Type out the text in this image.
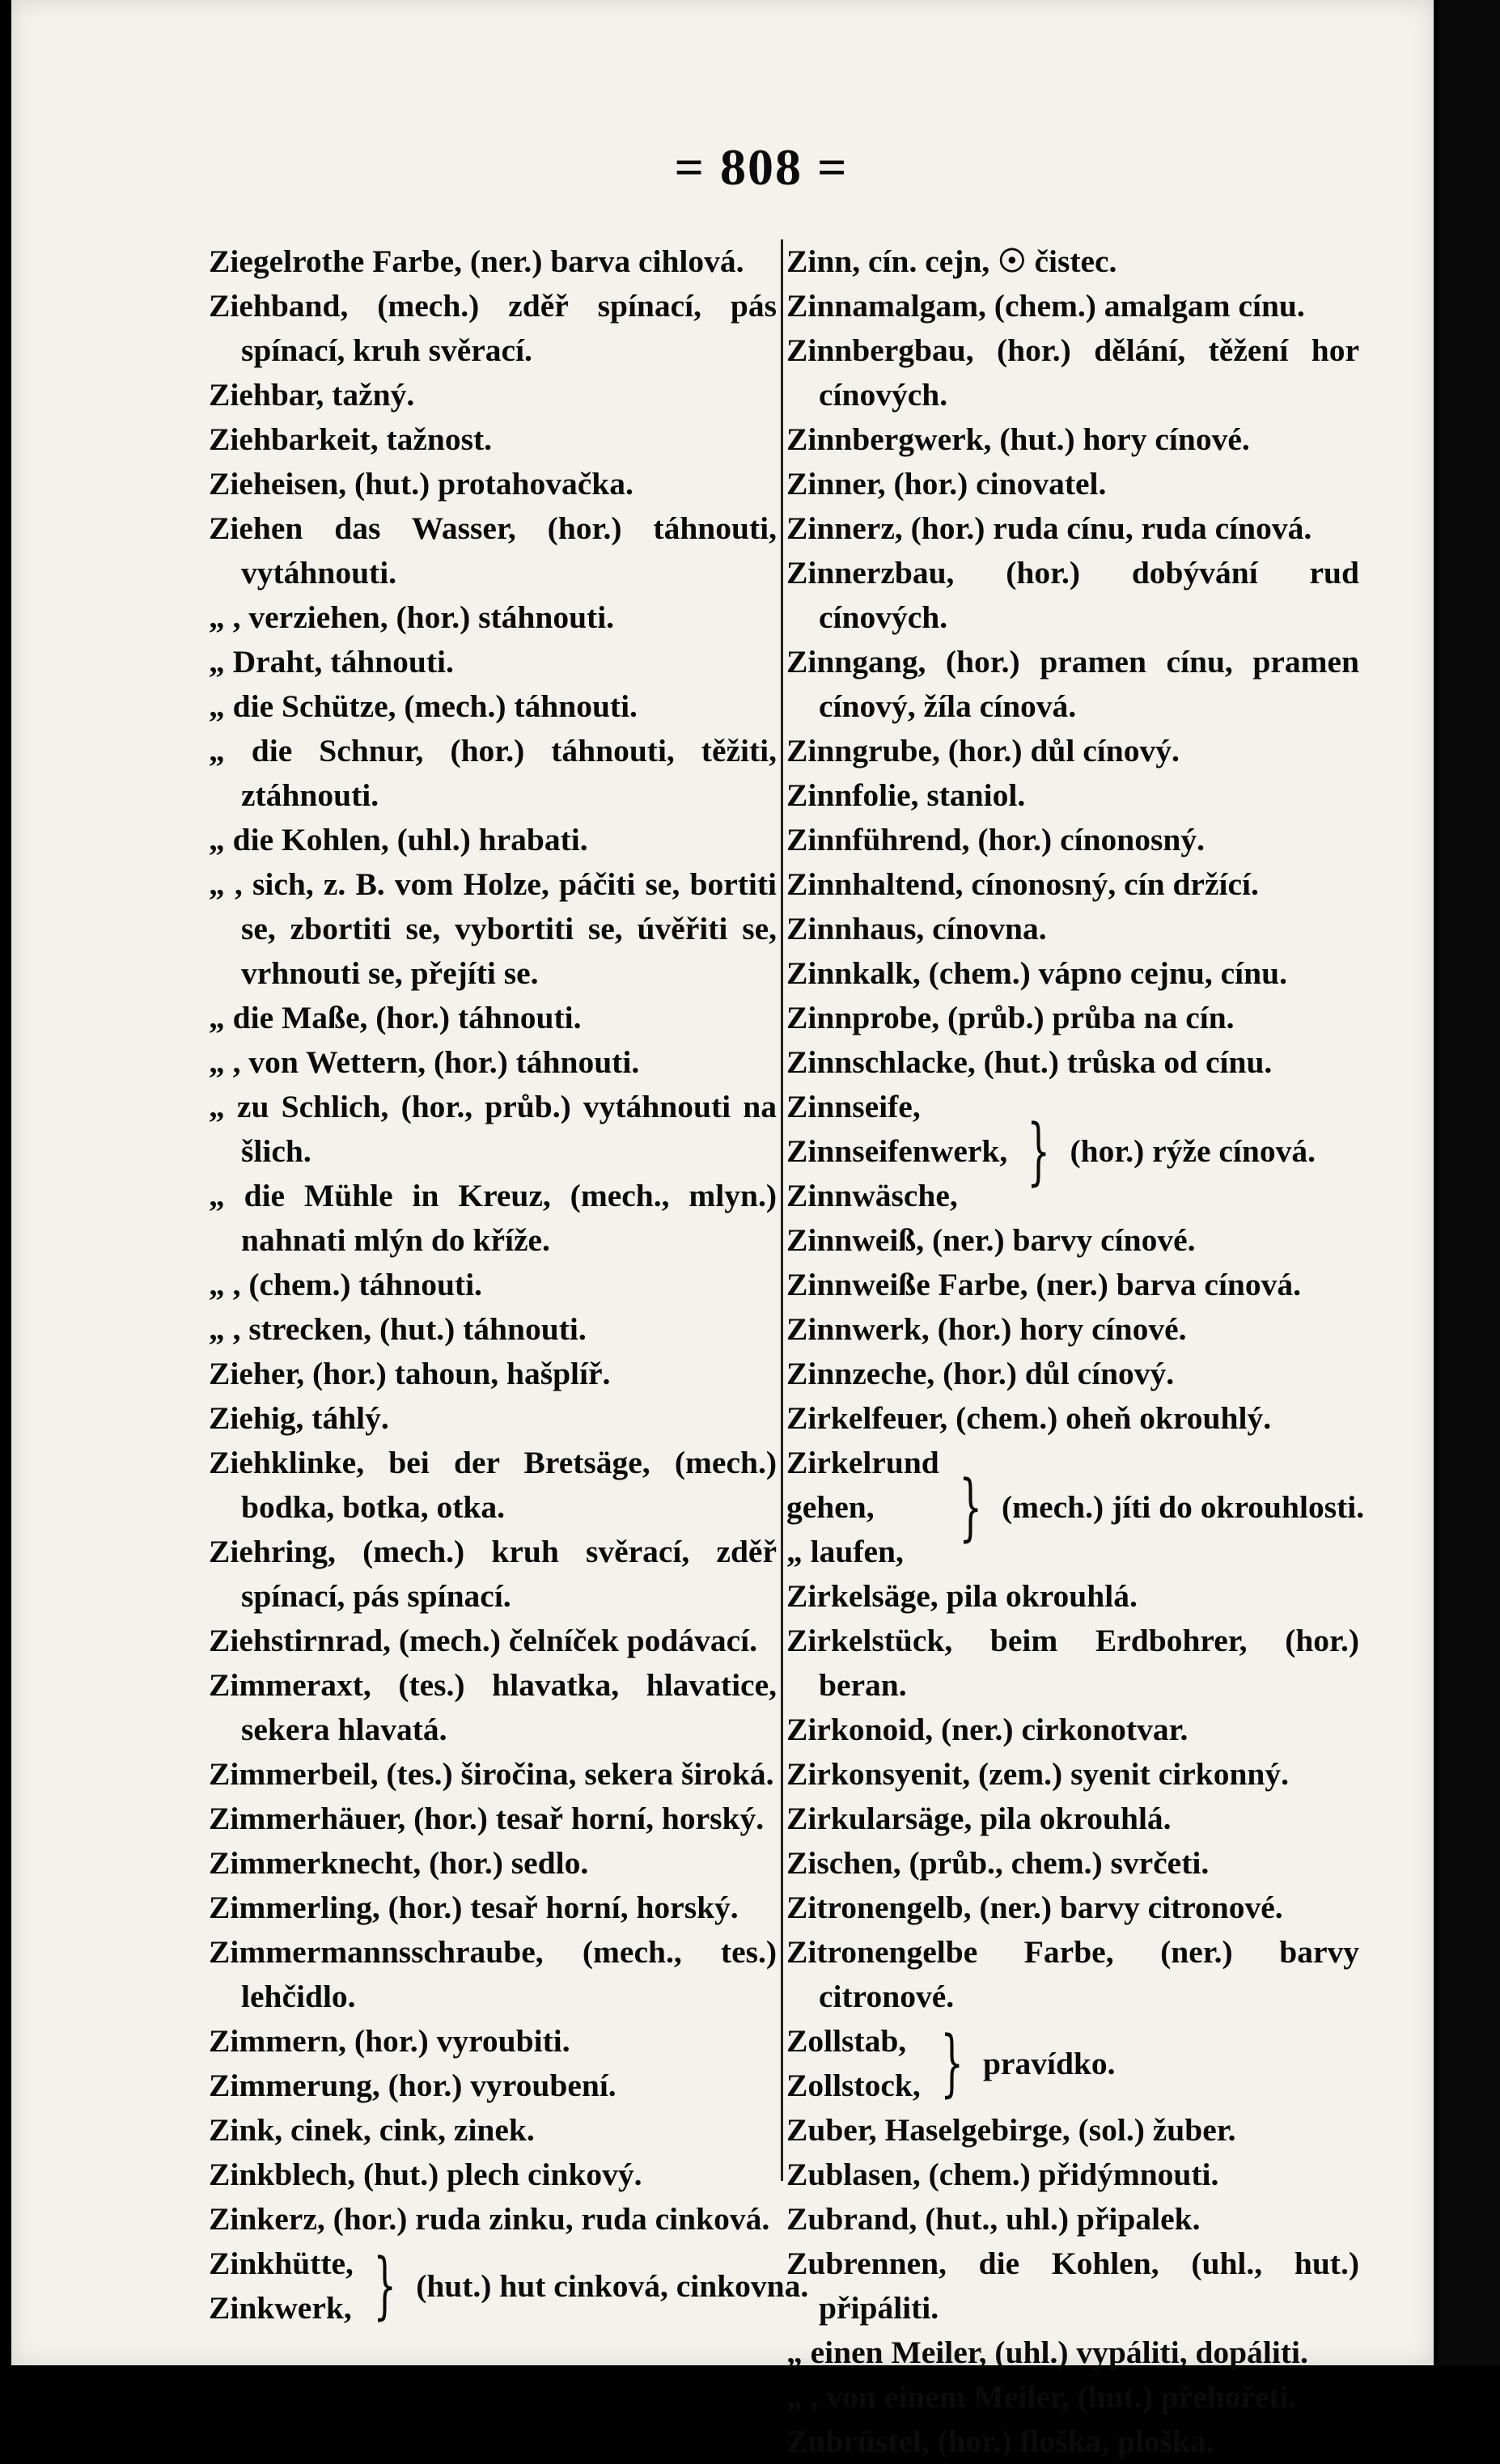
= 808 =

Ziegelrothe Farbe, (ner.) barva cihlová.

Ziehband, (mech.) zděř spínací, pás spínací, kruh svěrací.

Ziehbar, tažný.

Ziehbarkeit, tažnost.

Zieheisen, (hut.) protahovačka.

Ziehen das Wasser, (hor.) táhnouti, vytáhnouti.

„ , verziehen, (hor.) stáhnouti.

„ Draht, táhnouti.

„ die Schütze, (mech.) táhnouti.

„ die Schnur, (hor.) táhnouti, těžiti, ztáhnouti.

„ die Kohlen, (uhl.) hrabati.

„ , sich, z. B. vom Holze, páčiti se, bortiti se, zbortiti se, vybortiti se, úvěřiti se, vrhnouti se, přejíti se.

„ die Maße, (hor.) táhnouti.

„ , von Wettern, (hor.) táhnouti.

„ zu Schlich, (hor., průb.) vytáhnouti na šlich.

„ die Mühle in Kreuz, (mech., mlyn.) nahnati mlýn do kříže.

„ , (chem.) táhnouti.

„ , strecken, (hut.) táhnouti.

Zieher, (hor.) tahoun, hašplíř.

Ziehig, táhlý.

Ziehklinke, bei der Bretsäge, (mech.) bodka, botka, otka.

Ziehring, (mech.) kruh svěrací, zděř spínací, pás spínací.

Ziehstirnrad, (mech.) čelníček podávací.

Zimmeraxt, (tes.) hlavatka, hlavatice, sekera hlavatá.

Zimmerbeil, (tes.) širočina, sekera široká.

Zimmerhäuer, (hor.) tesař horní, horský.

Zimmerknecht, (hor.) sedlo.

Zimmerling, (hor.) tesař horní, horský.

Zimmermannsschraube, (mech., tes.) lehčidlo.

Zimmern, (hor.) vyroubiti.

Zimmerung, (hor.) vyroubení.

Zink, cinek, cink, zinek.

Zinkblech, (hut.) plech cinkový.

Zinkerz, (hor.) ruda zinku, ruda cinková.

Zinkhütte,

Zinkwerk, } (hut.) hut cinková, cinkovna.

Zinn, cín. cejn, ☉ čistec.

Zinnamalgam, (chem.) amalgam cínu.

Zinnbergbau, (hor.) dělání, těžení hor cínových.

Zinnbergwerk, (hut.) hory cínové.

Zinner, (hor.) cinovatel.

Zinnerz, (hor.) ruda cínu, ruda cínová.

Zinnerzbau, (hor.) dobývání rud cínových.

Zinngang, (hor.) pramen cínu, pramen cínový, žíla cínová.

Zinngrube, (hor.) důl cínový.

Zinnfolie, staniol.

Zinnführend, (hor.) cínonosný.

Zinnhaltend, cínonosný, cín držící.

Zinnhaus, cínovna.

Zinnkalk, (chem.) vápno cejnu, cínu.

Zinnprobe, (průb.) průba na cín.

Zinnschlacke, (hut.) trůska od cínu.

Zinnseife,

Zinnseifenwerk,

Zinnwäsche,

} (hor.) rýže cínová.

Zinnweiß, (ner.) barvy cínové.

Zinnweiße Farbe, (ner.) barva cínová.

Zinnwerk, (hor.) hory cínové.

Zinnzeche, (hor.) důl cínový.

Zirkelfeuer, (chem.) oheň okrouhlý.

Zirkelrund gehen,

„ laufen,

} (mech.) jíti do okrouhlosti.

Zirkelsäge, pila okrouhlá.

Zirkelstück, beim Erdbohrer, (hor.) beran.

Zirkonoid, (ner.) cirkonotvar.

Zirkonsyenit, (zem.) syenit cirkonný.

Zirkularsäge, pila okrouhlá.

Zischen, (průb., chem.) svrčeti.

Zitronengelb, (ner.) barvy citronové.

Zitronengelbe Farbe, (ner.) barvy citronové.

Zollstab,

Zollstock, } pravídko.

Zuber, Haselgebirge, (sol.) žuber.

Zublasen, (chem.) přidýmnouti.

Zubrand, (hut., uhl.) připalek.

Zubrennen, die Kohlen, (uhl., hut.) připáliti.

„ einen Meiler, (uhl.) vypáliti, dopáliti.

„ , von einem Meiler, (hut.) přehořeti.

Zubrüstel, (hor.) floška, ploška.
